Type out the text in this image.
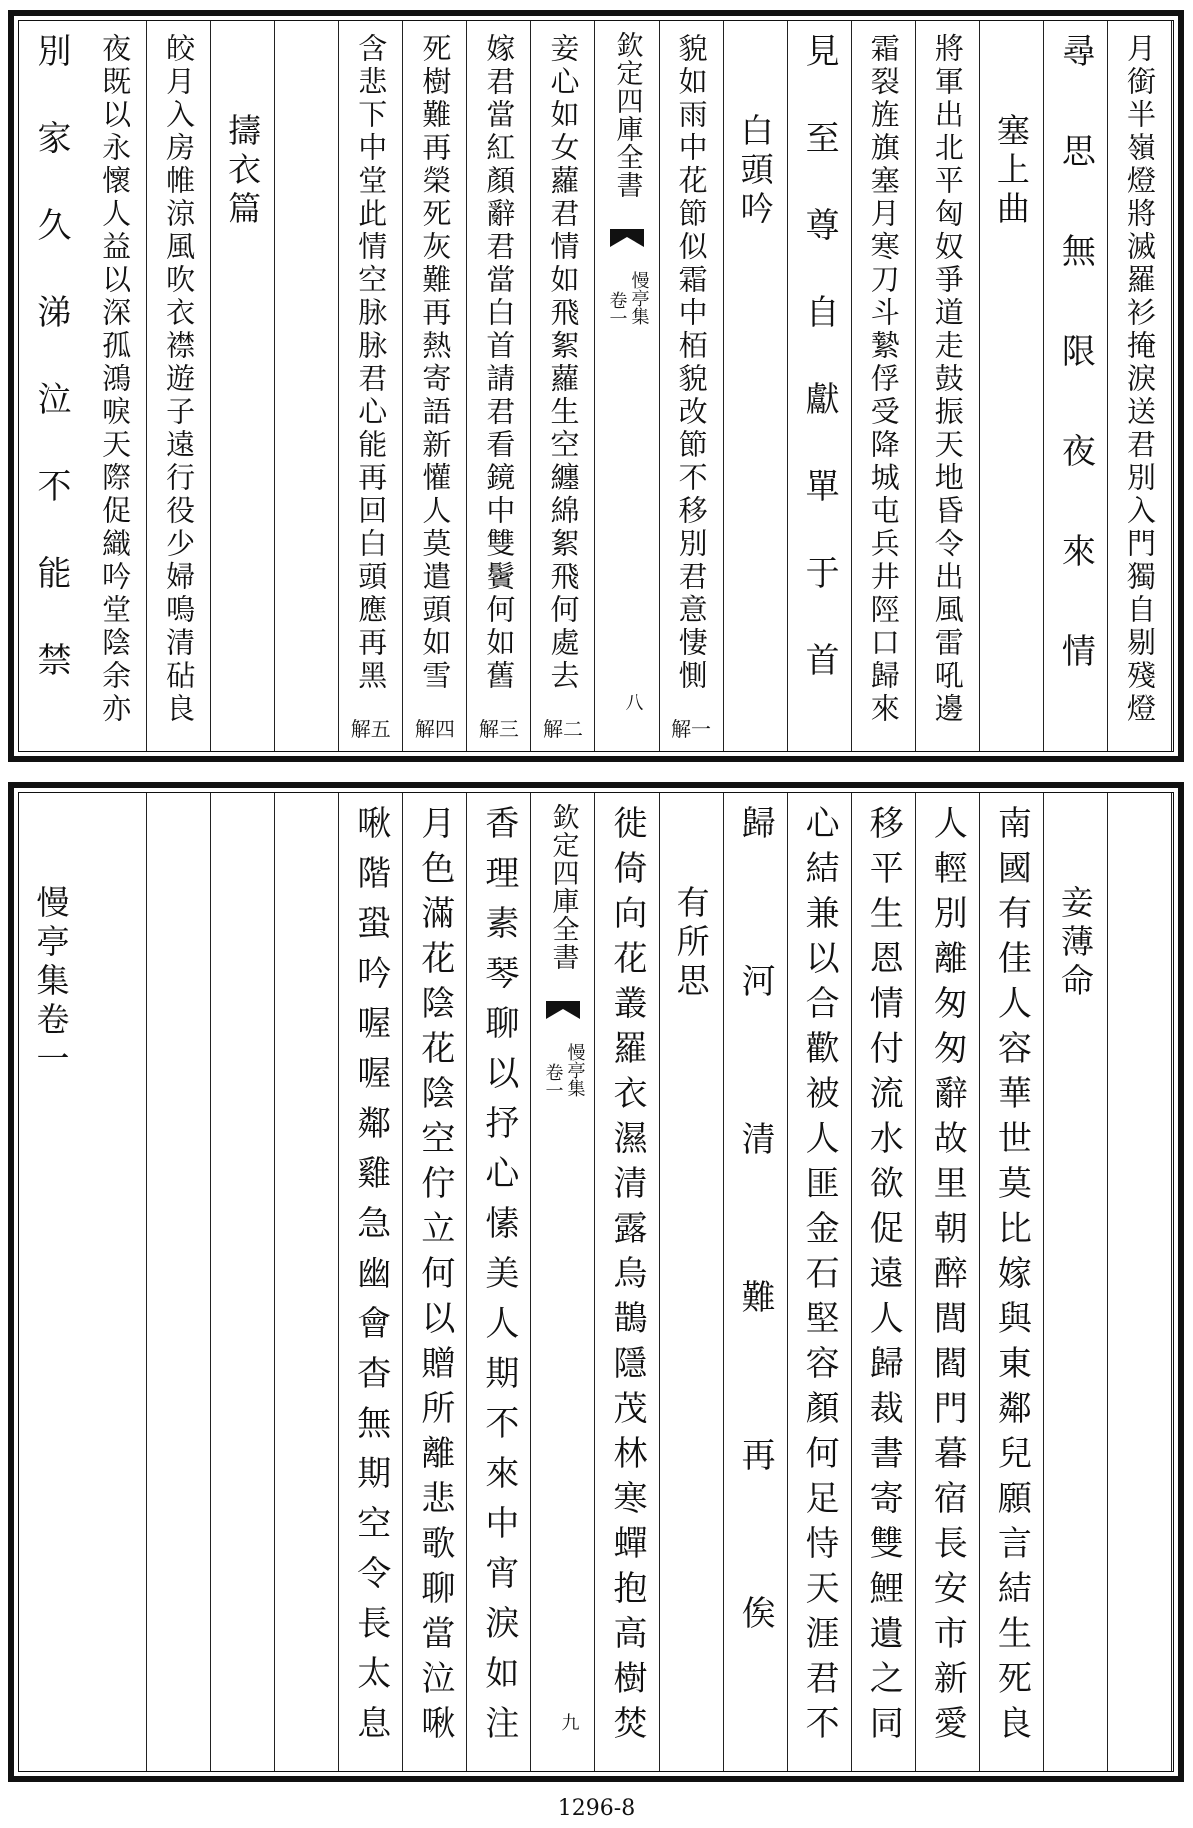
月銜半嶺燈將滅羅衫掩淚送君別入門獨自剔殘燈
尋思無限夜來情
塞上曲
將軍出北平匈奴爭道走鼓振天地昏令出風雷吼邊
霜裂旌旗塞月寒刀斗縶俘受降城屯兵井陘口歸來
見至尊自獻單于首
白頭吟
貌如雨中花節似霜中栢貌改節不移別君意悽惻
解一
欽定四庫全書
慢亭集
卷一
八
妾心如女蘿君情如飛絮蘿生空纏綿絮飛何處去
解二
嫁君當紅顏辭君當白首請君看鏡中雙鬢何如舊
解三
死樹難再榮死灰難再熱寄語新懽人莫遣頭如雪
解四
含悲下中堂此情空脉脉君心能再回白頭應再黑
解五
擣衣篇
皎月入房帷涼風吹衣襟遊子遠行役少婦鳴清砧良
夜既以永懷人益以深孤鴻唳天際促織吟堂陰余亦
別家久涕泣不能禁
妾薄命
南國有佳人容華世莫比嫁與東鄰兒願言結生死良
人輕別離匆匆辭故里朝醉閭閻門暮宿長安市新愛
移平生恩情付流水欲促遠人歸裁書寄雙鯉遺之同
心結兼以合歡被人匪金石堅容顏何足恃天涯君不
歸河清難再俟
有所思
徙倚向花叢羅衣濕清露烏鵲隱茂林寒蟬抱高樹焚
欽定四庫全書
慢亭集
卷一
九
香理素琴聊以抒心愫美人期不來中宵淚如注
月色滿花陰花陰空佇立何以贈所離悲歌聊當泣啾
啾階蛩吟喔喔鄰雞急幽會杳無期空令長太息
慢亭集卷一
1296-8
